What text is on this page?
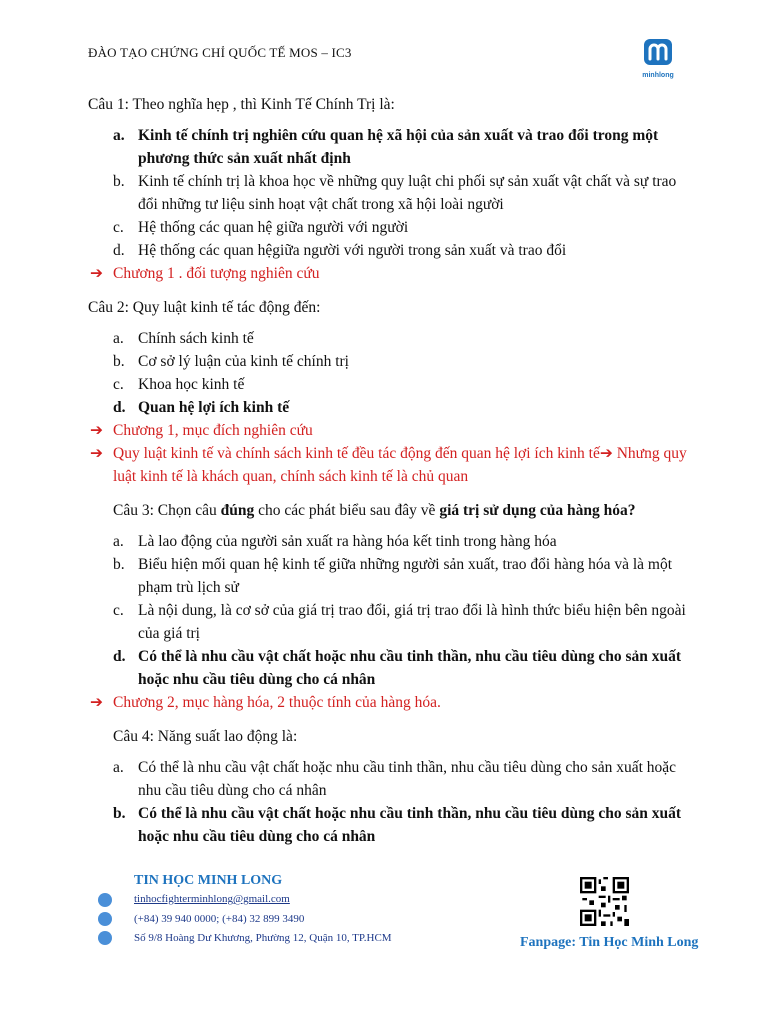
ĐÀO TẠO CHỨNG CHỈ QUỐC TẾ MOS – IC3
minhlong

Câu 1: Theo nghĩa hẹp , thì Kinh Tế Chính Trị là:

a. Kinh tế chính trị nghiên cứu quan hệ xã hội của sản xuất và trao đổi trong một phương thức sản xuất nhất định
b. Kinh tế chính trị là khoa học về những quy luật chi phối sự sản xuất vật chất và sự trao đổi những tư liệu sinh hoạt vật chất trong xã hội loài người
c. Hệ thống các quan hệ giữa người với người
d. Hệ thống các quan hệgiữa người với người trong sản xuất và trao đổi
➔ Chương 1 . đối tượng nghiên cứu

Câu 2: Quy luật kinh tế tác động đến:

a. Chính sách kinh tế
b. Cơ sở lý luận của kinh tế chính trị
c. Khoa học kinh tế
d. Quan hệ lợi ích kinh tế
➔ Chương 1, mục đích nghiên cứu
➔ Quy luật kinh tế và chính sách kinh tế đều tác động đến quan hệ lợi ích kinh tế➔ Nhưng quy luật kinh tế là khách quan, chính sách kinh tế là chủ quan

Câu 3: Chọn câu đúng cho các phát biểu sau đây về giá trị sử dụng của hàng hóa?

a. Là lao động của người sản xuất ra hàng hóa kết tinh trong hàng hóa
b. Biểu hiện mối quan hệ kinh tế giữa những người sản xuất, trao đổi hàng hóa và là một phạm trù lịch sử
c. Là nội dung, là cơ sở của giá trị trao đổi, giá trị trao đổi là hình thức biểu hiện bên ngoài của giá trị
d. Có thể là nhu cầu vật chất hoặc nhu cầu tinh thần, nhu cầu tiêu dùng cho sản xuất hoặc nhu cầu tiêu dùng cho cá nhân
➔ Chương 2, mục hàng hóa, 2 thuộc tính của hàng hóa.

Câu 4: Năng suất lao động là:

a. Có thể là nhu cầu vật chất hoặc nhu cầu tinh thần, nhu cầu tiêu dùng cho sản xuất hoặc nhu cầu tiêu dùng cho cá nhân
b. Có thể là nhu cầu vật chất hoặc nhu cầu tinh thần, nhu cầu tiêu dùng cho sản xuất hoặc nhu cầu tiêu dùng cho cá nhân
TIN HỌC MINH LONG
tinhocfighterminhlong@gmail.com
(+84) 39 940 0000; (+84) 32 899 3490
Số 9/8 Hoàng Dư Khương, Phường 12, Quận 10, TP.HCM	Fanpage: Tin Học Minh Long
